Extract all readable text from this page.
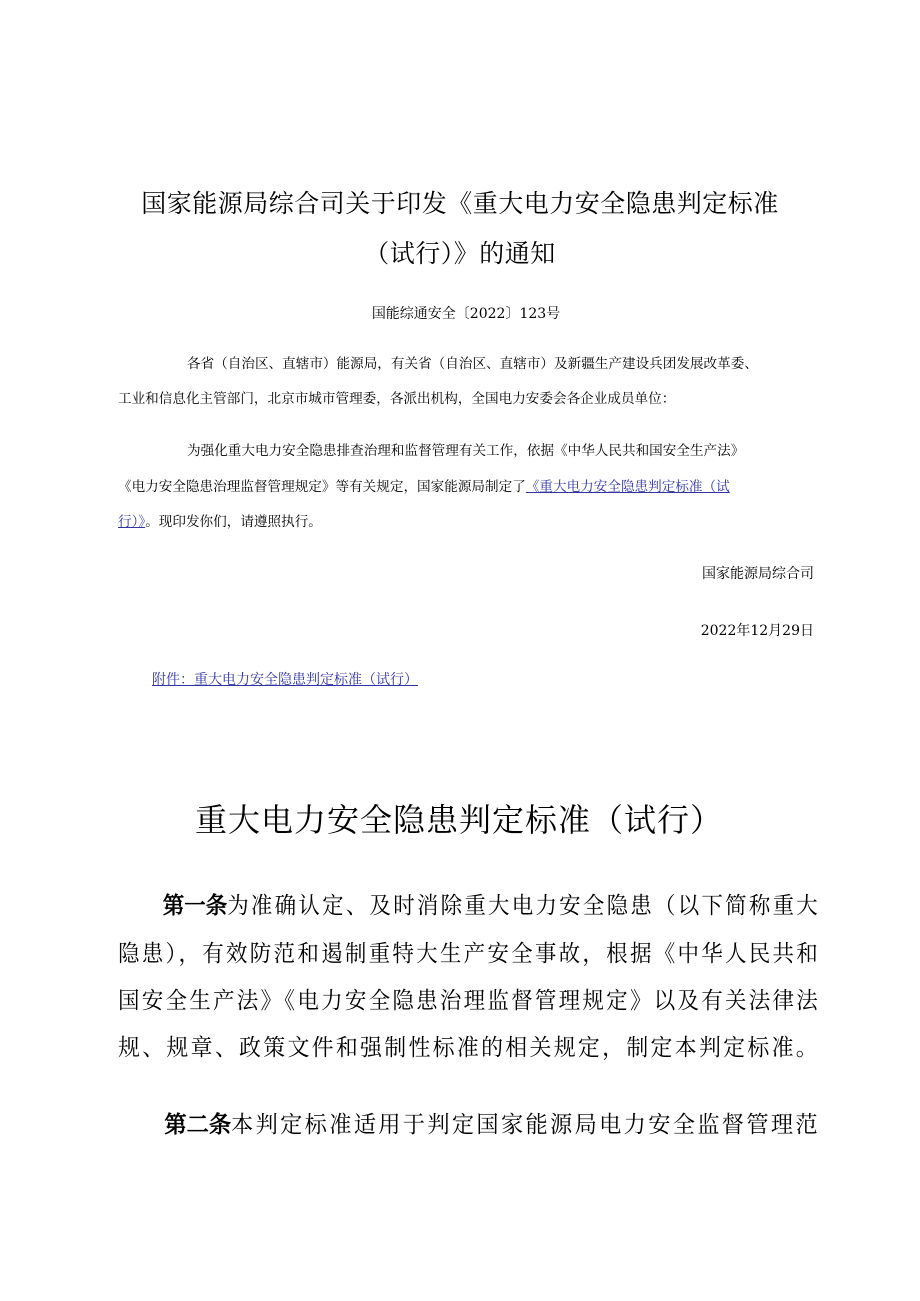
国家能源局综合司关于印发《重大电力安全隐患判定标准
（试行）》的通知
国能综通安全〔2022〕123号
各省（自治区、直辖市）能源局，有关省（自治区、直辖市）及新疆生产建设兵团发展改革委、
工业和信息化主管部门，北京市城市管理委，各派出机构，全国电力安委会各企业成员单位：
为强化重大电力安全隐患排查治理和监督管理有关工作，依据《中华人民共和国安全生产法》
《电力安全隐患治理监督管理规定》等有关规定，国家能源局制定了《重大电力安全隐患判定标准（试
行）》。现印发你们，请遵照执行。
国家能源局综合司
2022年12月29日
附件：重大电力安全隐患判定标准（试行）
重大电力安全隐患判定标准（试行）
第一条为准确认定、及时消除重大电力安全隐患（以下简称重大
隐患），有效防范和遏制重特大生产安全事故，根据《中华人民共和
国安全生产法》《电力安全隐患治理监督管理规定》以及有关法律法
规、规章、政策文件和强制性标准的相关规定，制定本判定标准。
第二条本判定标准适用于判定国家能源局电力安全监督管理范
